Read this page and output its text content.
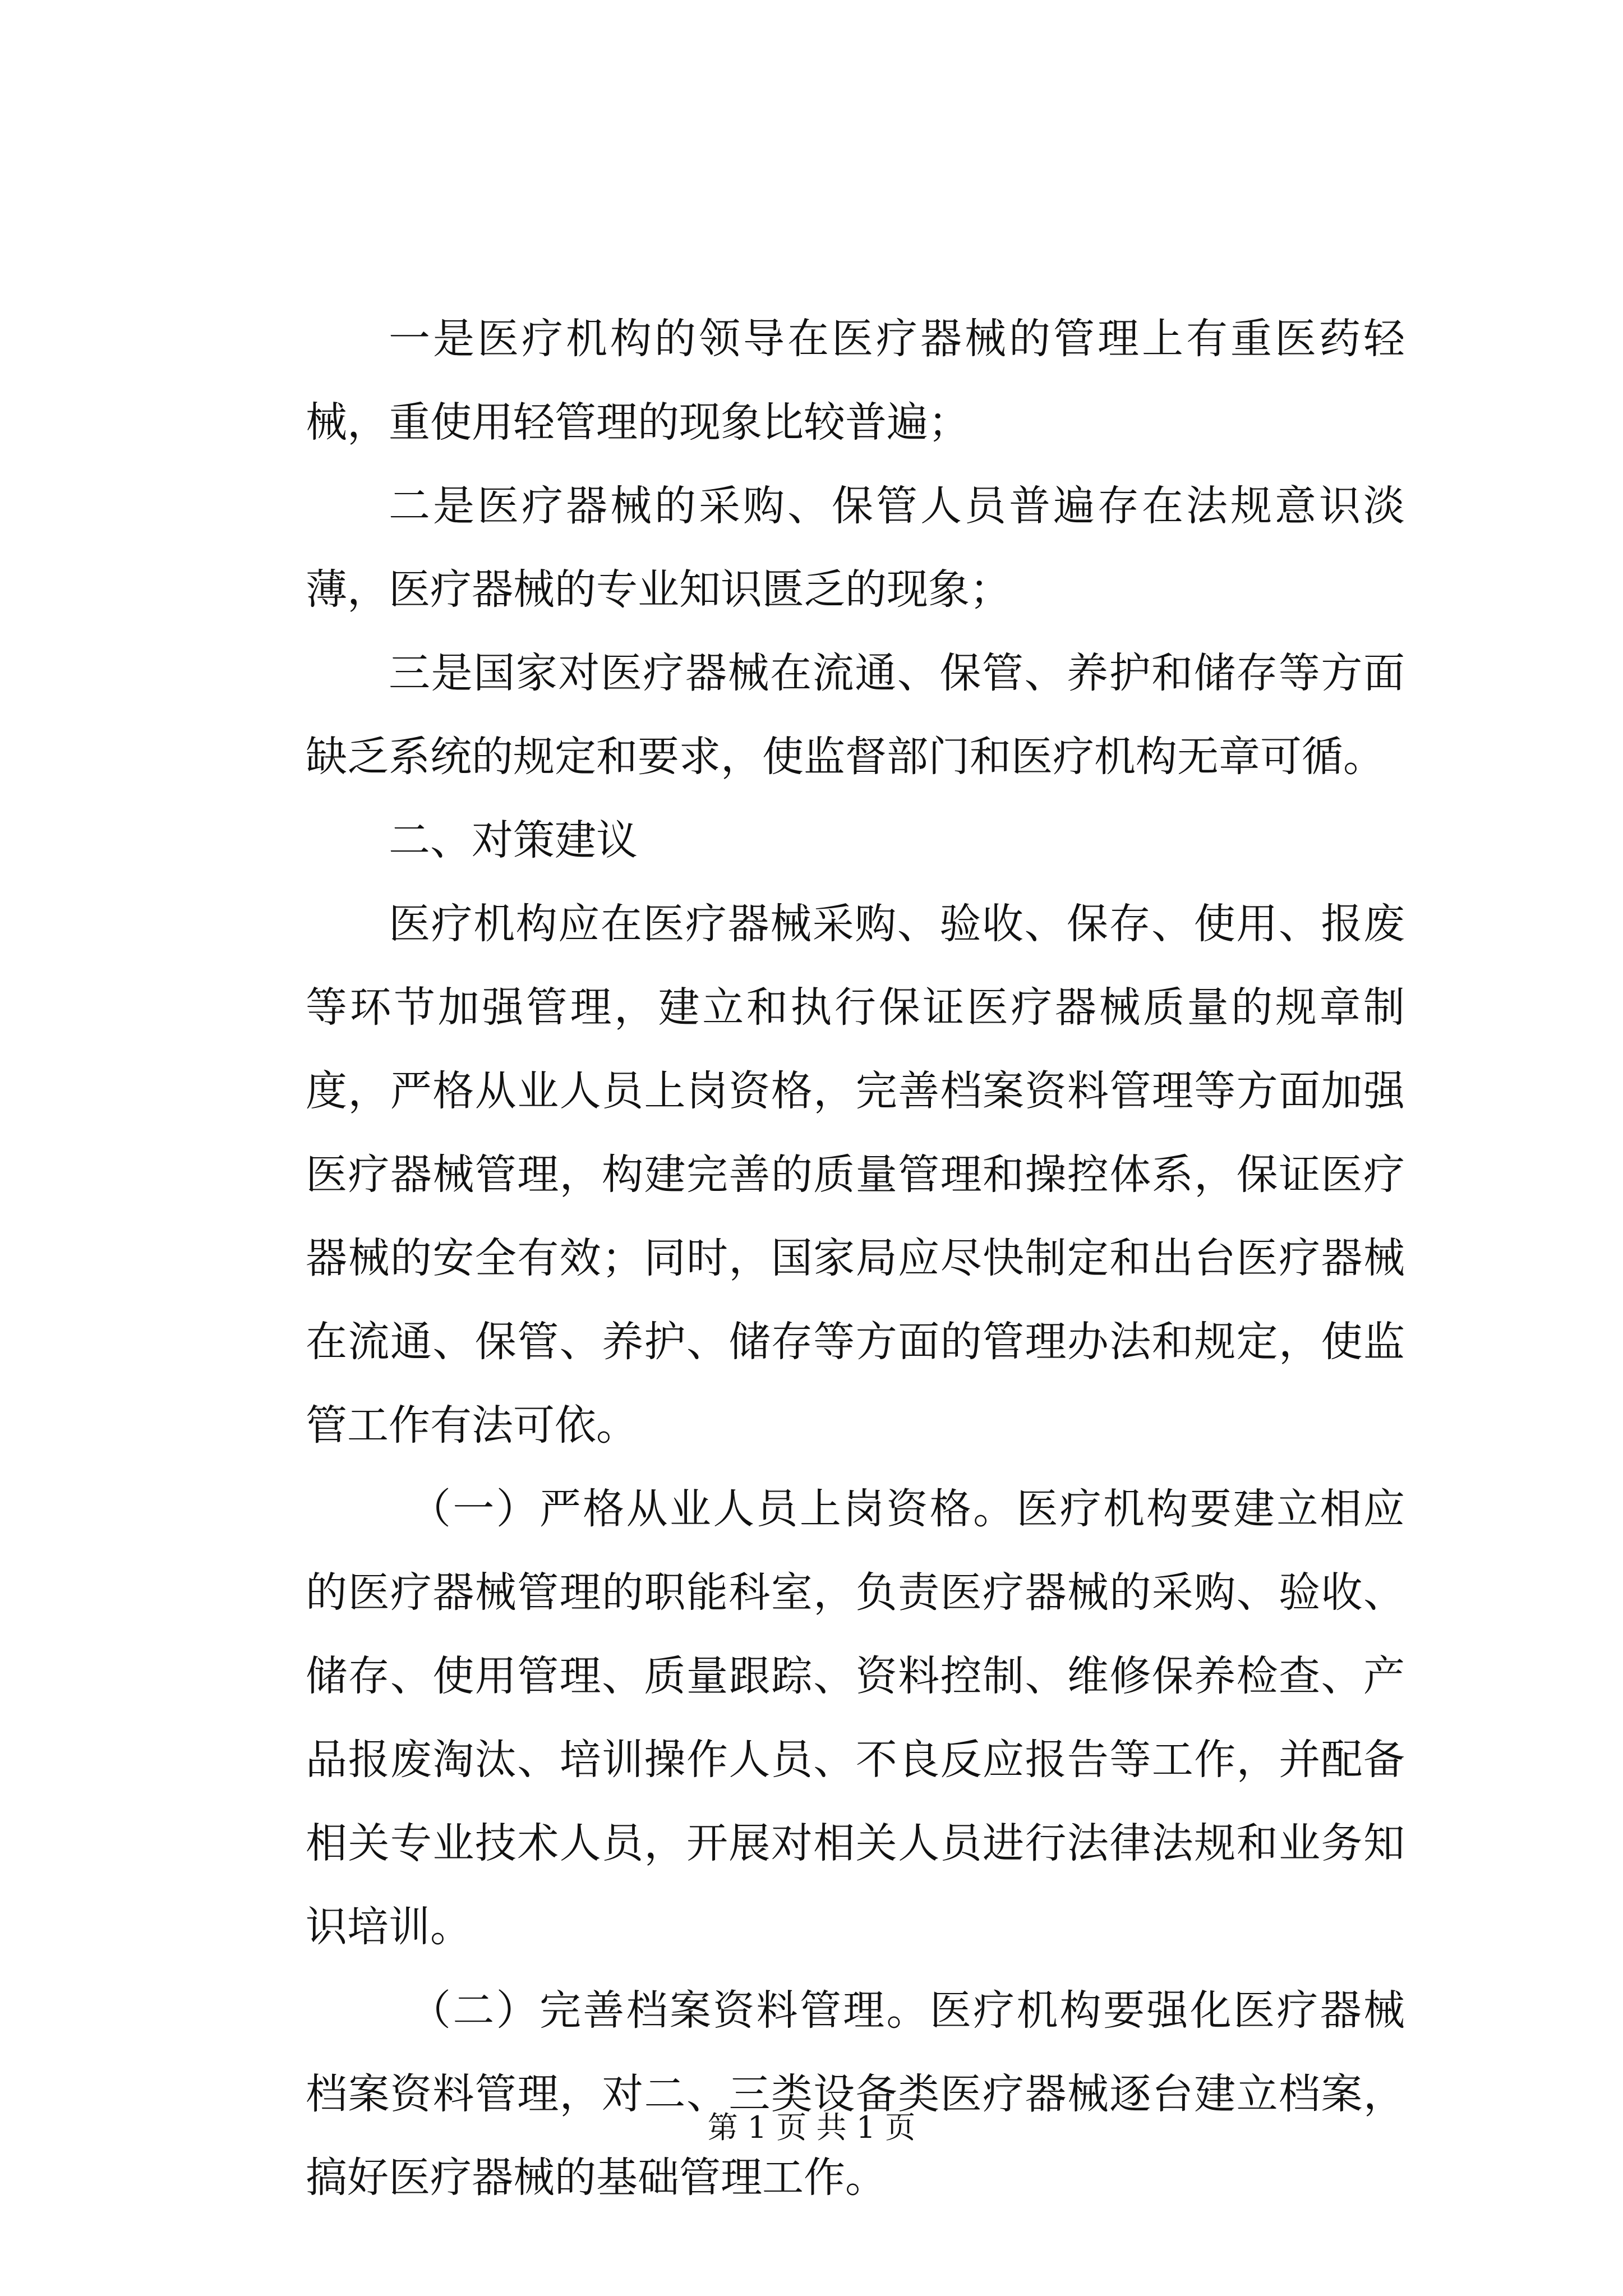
一是医疗机构的领导在医疗器械的管理上有重医药轻械，重使用轻管理的现象比较普遍；

二是医疗器械的采购、保管人员普遍存在法规意识淡薄，医疗器械的专业知识匮乏的现象；

三是国家对医疗器械在流通、保管、养护和储存等方面缺乏系统的规定和要求，使监督部门和医疗机构无章可循。

二、对策建议

医疗机构应在医疗器械采购、验收、保存、使用、报废等环节加强管理，建立和执行保证医疗器械质量的规章制度，严格从业人员上岗资格，完善档案资料管理等方面加强医疗器械管理，构建完善的质量管理和操控体系，保证医疗器械的安全有效；同时，国家局应尽快制定和出台医疗器械在流通、保管、养护、储存等方面的管理办法和规定，使监管工作有法可依。

（一）严格从业人员上岗资格。医疗机构要建立相应的医疗器械管理的职能科室，负责医疗器械的采购、验收、储存、使用管理、质量跟踪、资料控制、维修保养检查、产品报废淘汰、培训操作人员、不良反应报告等工作，并配备相关专业技术人员，开展对相关人员进行法律法规和业务知识培训。

（二）完善档案资料管理。医疗机构要强化医疗器械档案资料管理，对二、三类设备类医疗器械逐台建立档案，搞好医疗器械的基础管理工作。

第 1 页 共 1 页
